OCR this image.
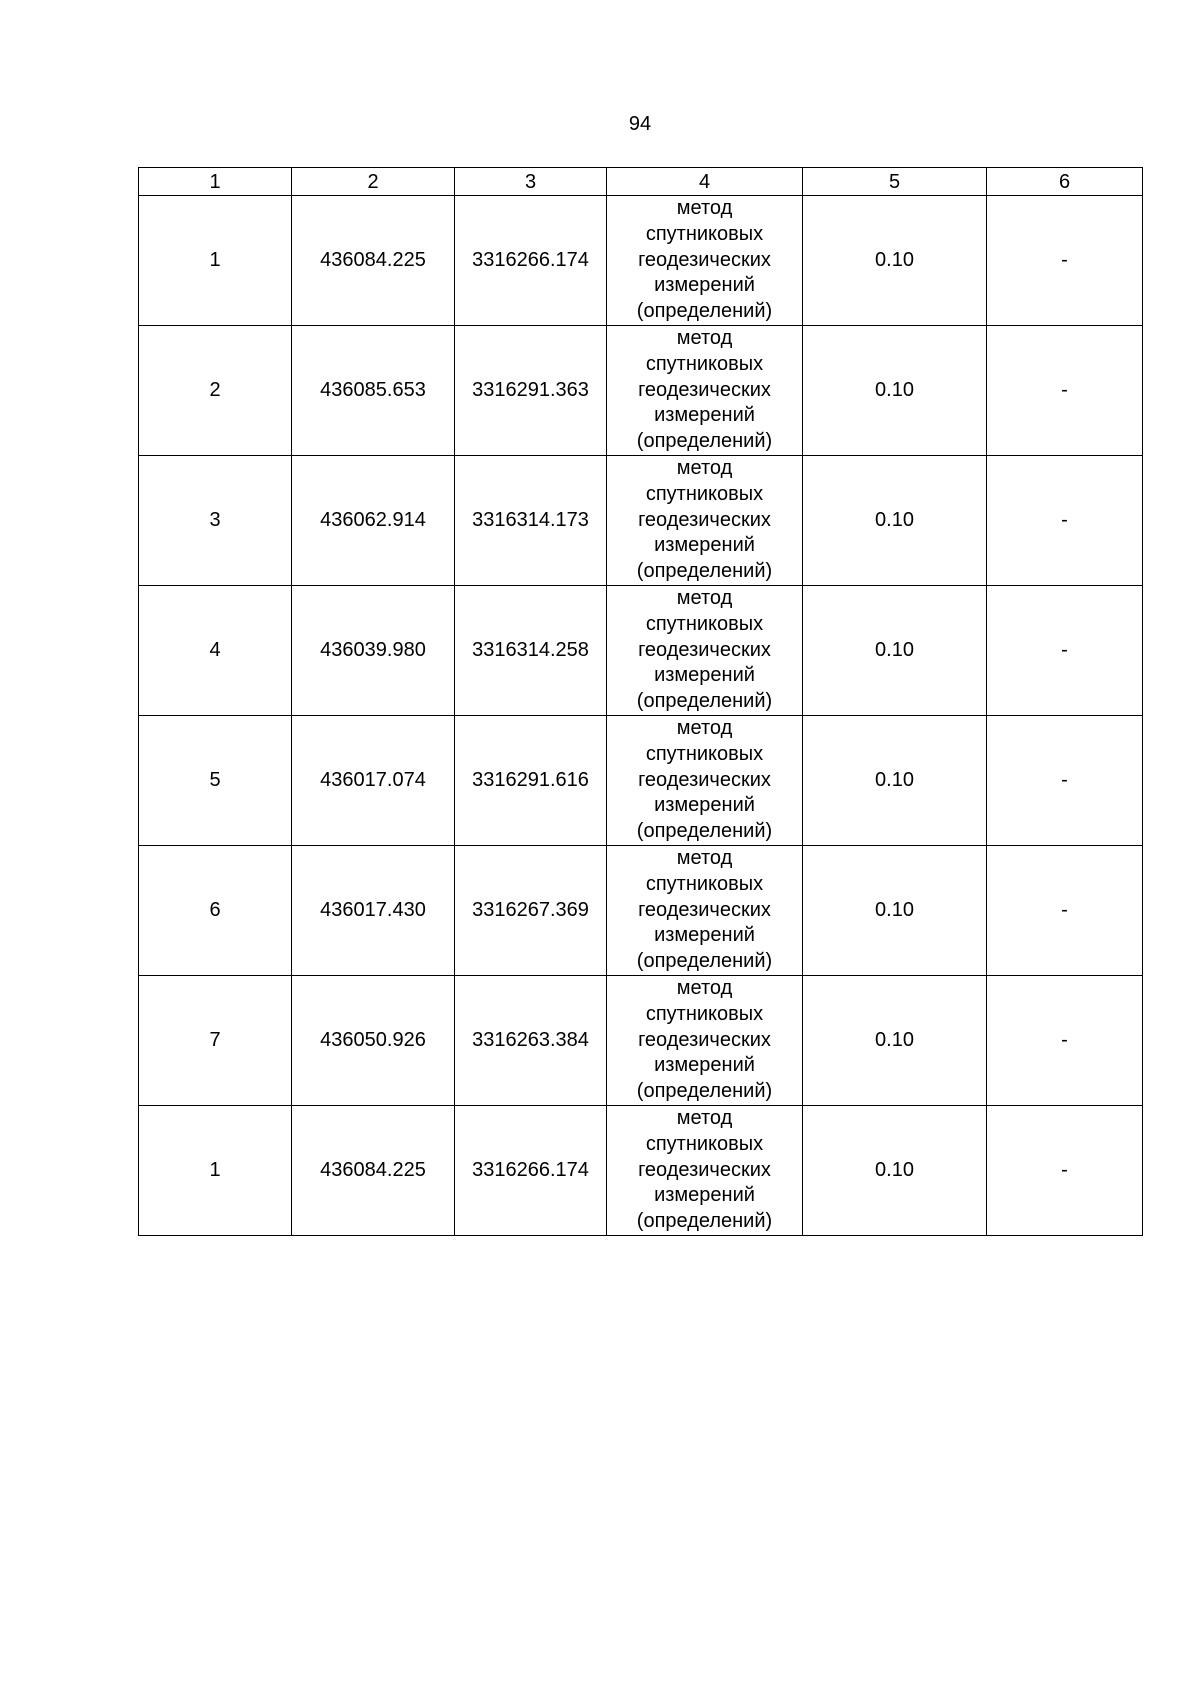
94
1	2	3	4	5	6
1	436084.225	3316266.174	метод
спутниковых
геодезических
измерений
(определений)	0.10	-
2	436085.653	3316291.363	метод
спутниковых
геодезических
измерений
(определений)	0.10	-
3	436062.914	3316314.173	метод
спутниковых
геодезических
измерений
(определений)	0.10	-
4	436039.980	3316314.258	метод
спутниковых
геодезических
измерений
(определений)	0.10	-
5	436017.074	3316291.616	метод
спутниковых
геодезических
измерений
(определений)	0.10	-
6	436017.430	3316267.369	метод
спутниковых
геодезических
измерений
(определений)	0.10	-
7	436050.926	3316263.384	метод
спутниковых
геодезических
измерений
(определений)	0.10	-
1	436084.225	3316266.174	метод
спутниковых
геодезических
измерений
(определений)	0.10	-
